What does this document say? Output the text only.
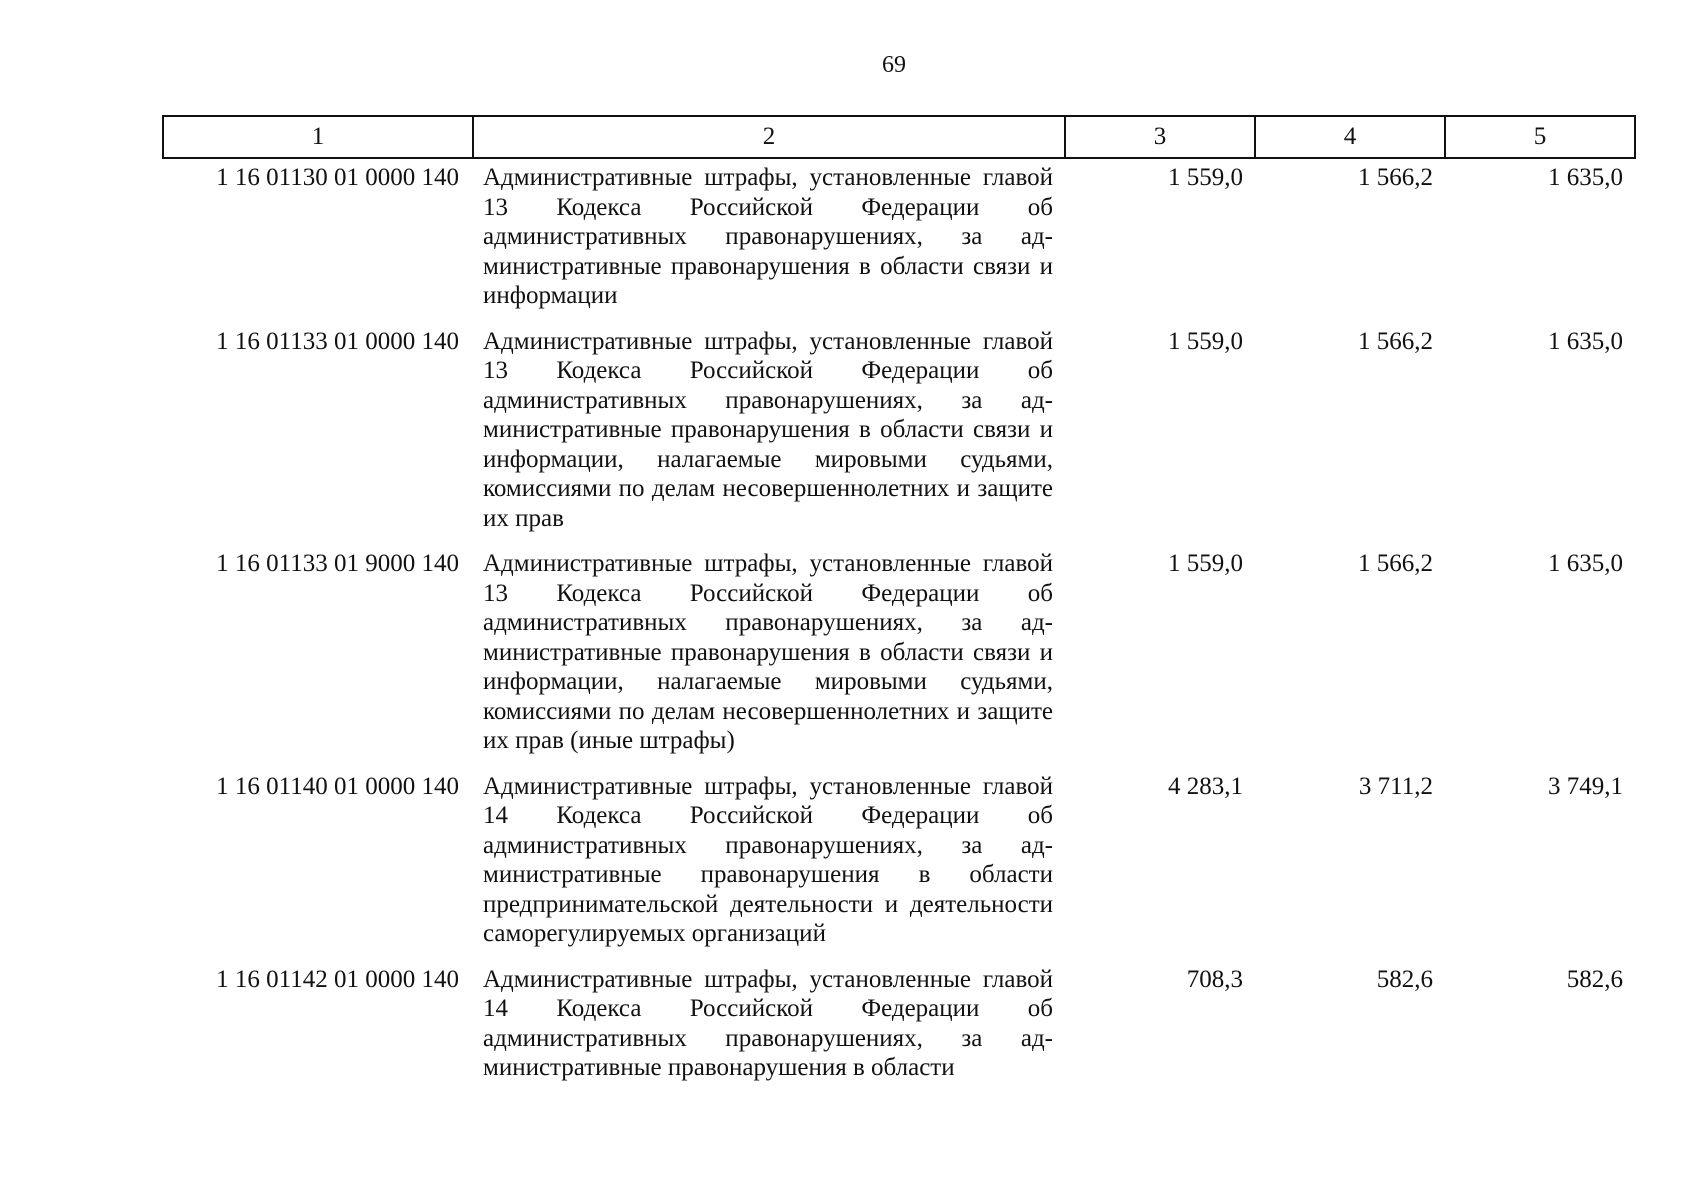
69
1	2	3	4	5
1 16 01130 01 0000 140	Административные штрафы, установленные главой 13 Кодекса Российской Федерации об административных правонарушениях, за административные правонарушения в области связи и информации	1 559,0	1 566,2	1 635,0
1 16 01133 01 0000 140	Административные штрафы, установленные главой 13 Кодекса Российской Федерации об административных правонарушениях, за административные правонарушения в области связи и информации, налагаемые мировыми судьями, комиссиями по делам несовершеннолетних и защите их прав	1 559,0	1 566,2	1 635,0
1 16 01133 01 9000 140	Административные штрафы, установленные главой 13 Кодекса Российской Федерации об административных правонарушениях, за административные правонарушения в области связи и информации, налагаемые мировыми судьями, комиссиями по делам несовершеннолетних и защите их прав (иные штрафы)	1 559,0	1 566,2	1 635,0
1 16 01140 01 0000 140	Административные штрафы, установленные главой 14 Кодекса Российской Федерации об административных правонарушениях, за административные правонарушения в области предпринимательской деятельности и деятельности саморегулируемых организаций	4 283,1	3 711,2	3 749,1
1 16 01142 01 0000 140	Административные штрафы, установленные главой 14 Кодекса Российской Федерации об административных правонарушениях, за административные правонарушения в области	708,3	582,6	582,6
